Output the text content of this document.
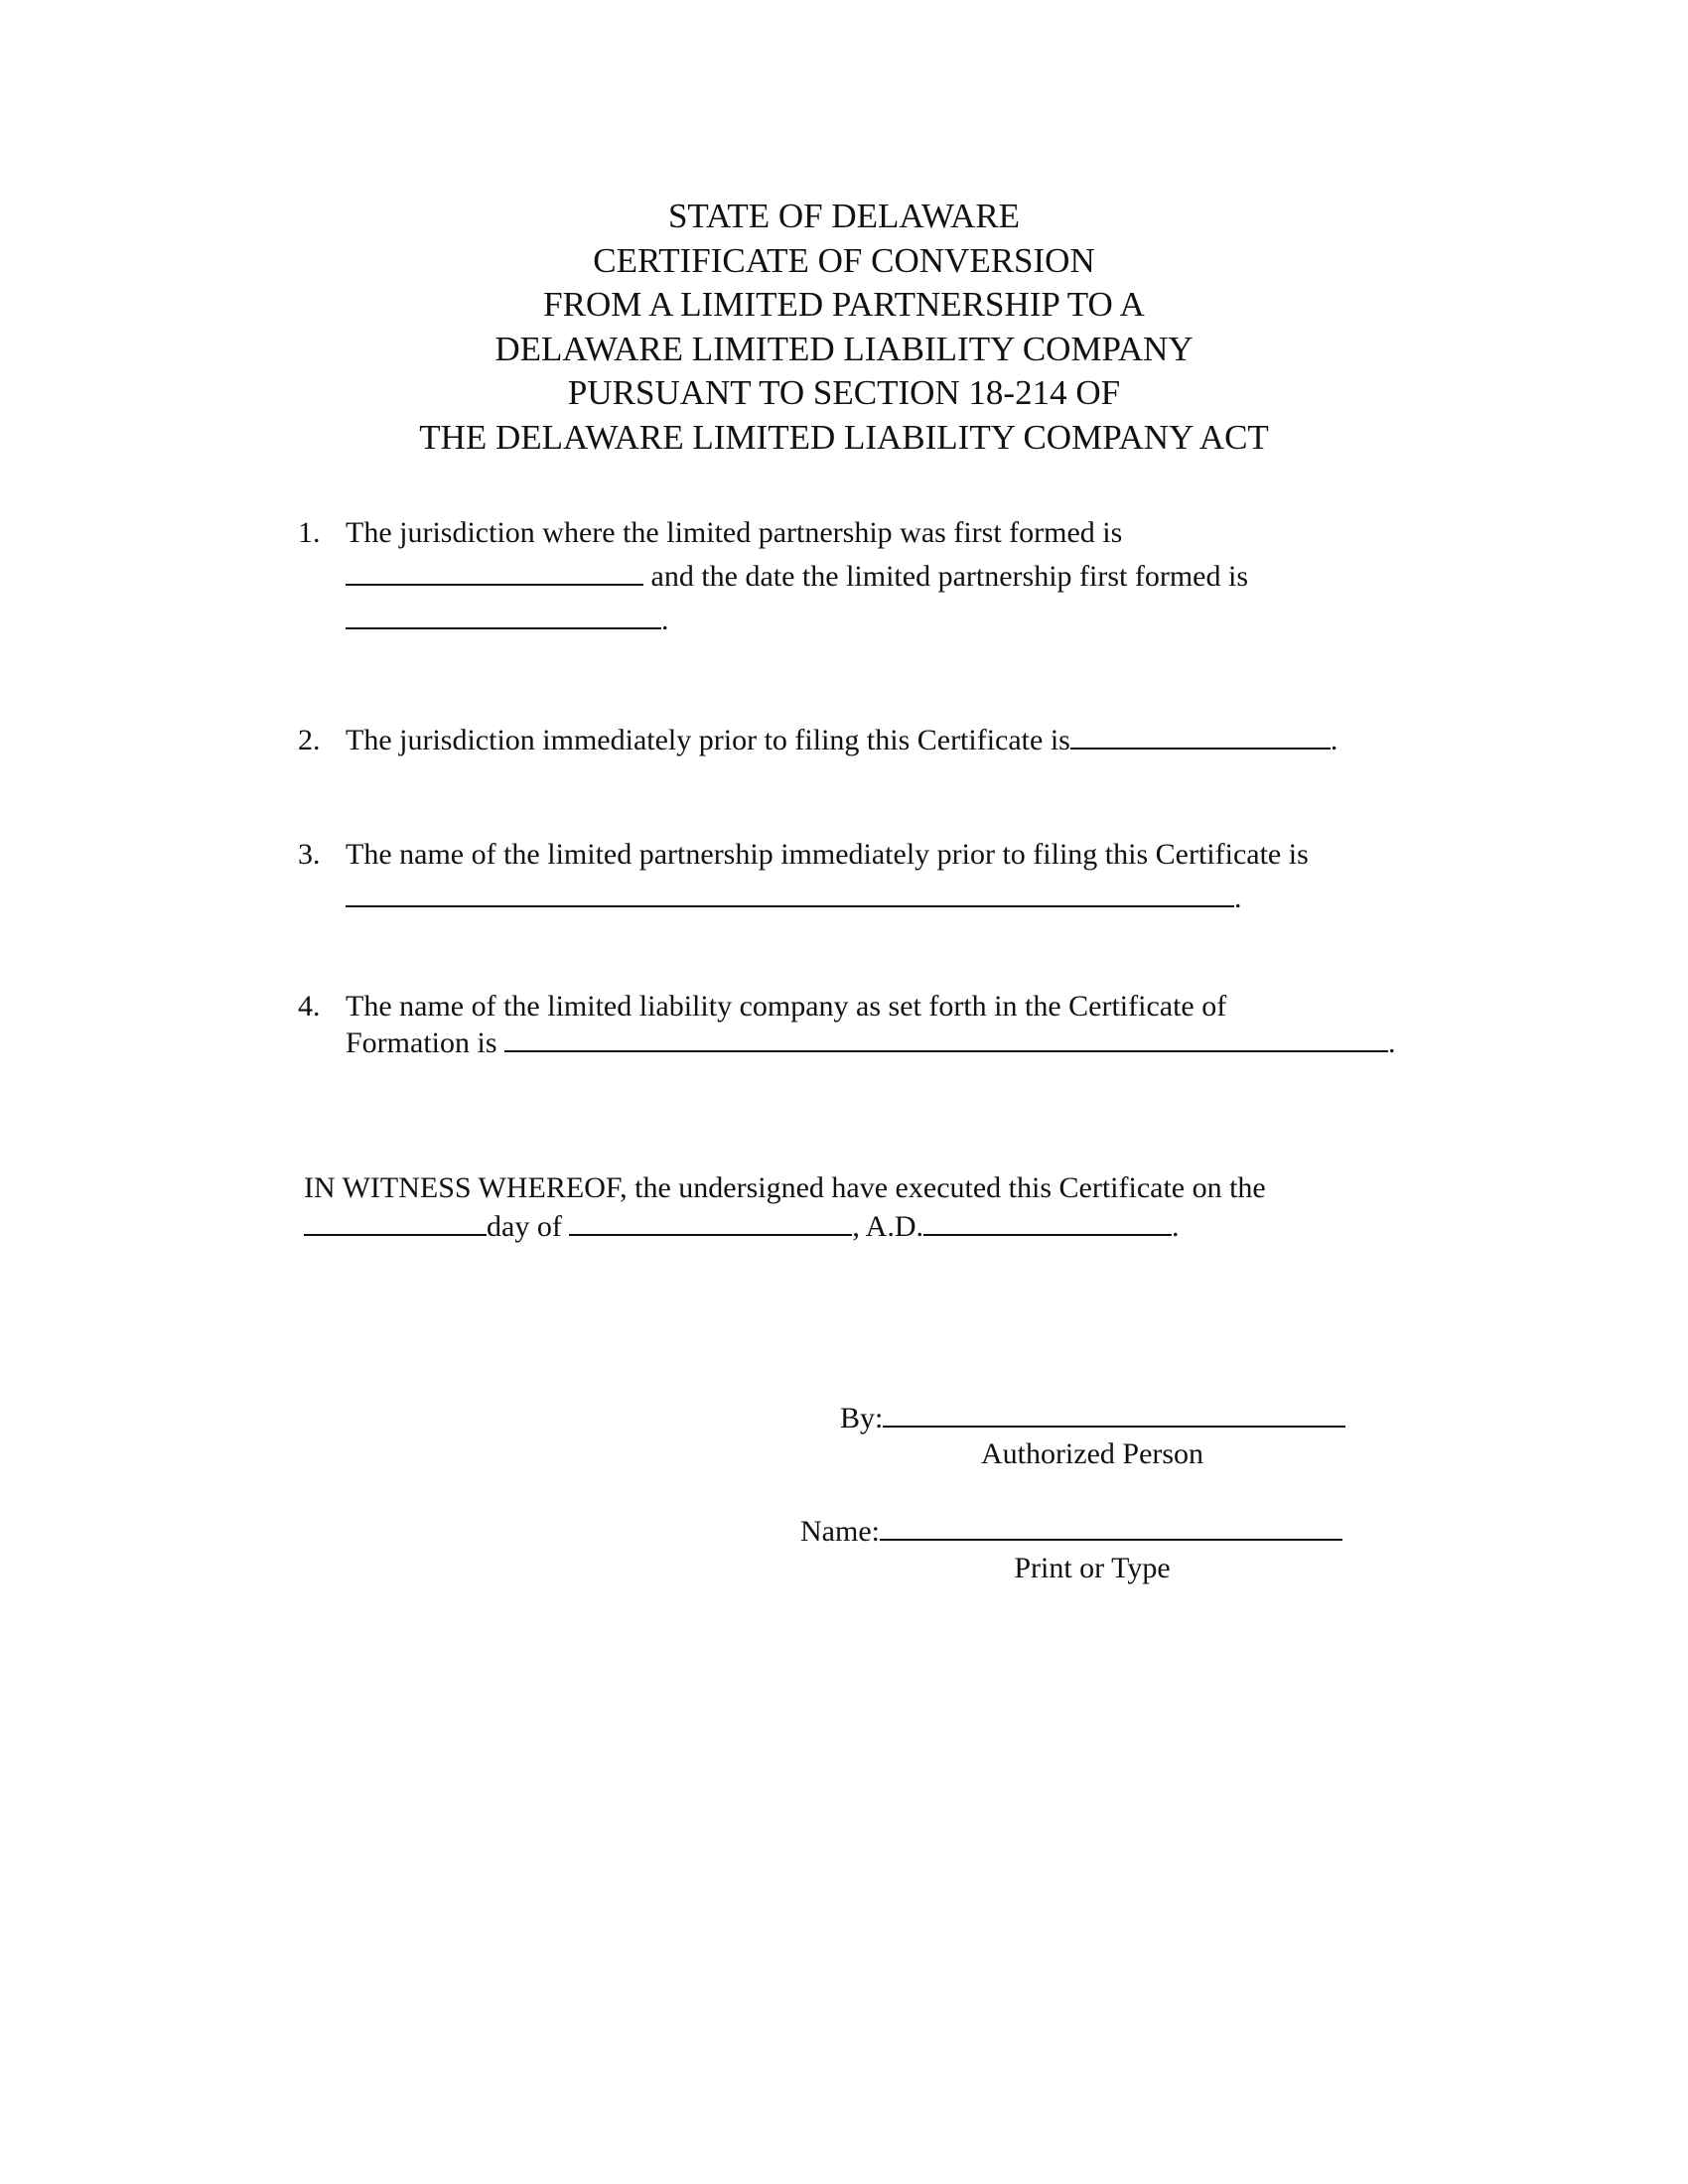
STATE OF DELAWARE
CERTIFICATE OF CONVERSION
FROM A LIMITED PARTNERSHIP TO A
DELAWARE LIMITED LIABILITY COMPANY
PURSUANT TO SECTION 18-214 OF
THE DELAWARE LIMITED LIABILITY COMPANY ACT
1. The jurisdiction where the limited partnership was first formed is
and the date the limited partnership first formed is
.
2. The jurisdiction immediately prior to filing this Certificate is	.
3. The name of the limited partnership immediately prior to filing this Certificate is
.
4. The name of the limited liability company as set forth in the Certificate of
Formation is	.
IN WITNESS WHEREOF, the undersigned have executed this Certificate on the
day of	, A.D.	.
By:
Authorized Person
Name:
Print or Type
